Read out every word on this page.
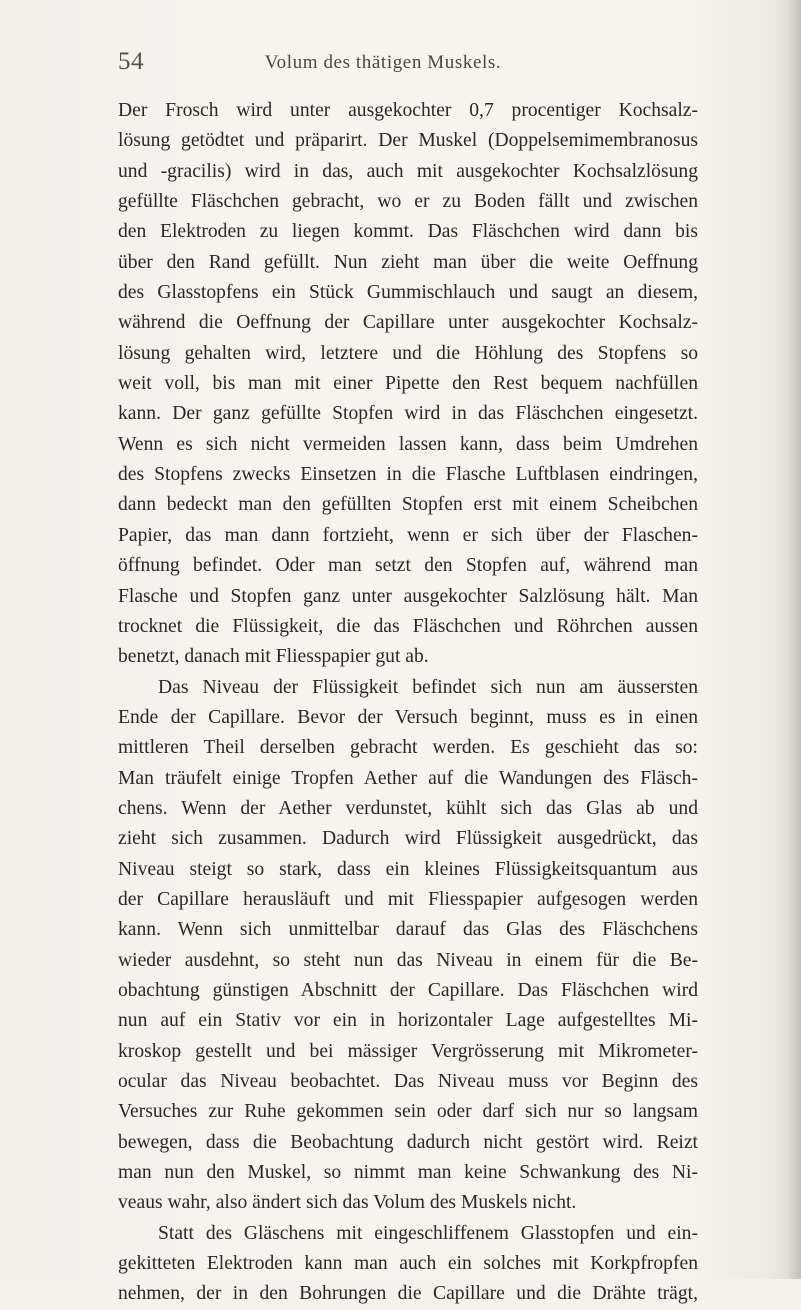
54	Volum des thätigen Muskels.
Der Frosch wird unter ausgekochter 0,7 procentiger Kochsalz-
lösung getödtet und präparirt. Der Muskel (Doppelsemimembranosus
und -gracilis) wird in das, auch mit ausgekochter Kochsalzlösung
gefüllte Fläschchen gebracht, wo er zu Boden fällt und zwischen
den Elektroden zu liegen kommt. Das Fläschchen wird dann bis
über den Rand gefüllt. Nun zieht man über die weite Oeffnung
des Glasstopfens ein Stück Gummischlauch und saugt an diesem,
während die Oeffnung der Capillare unter ausgekochter Kochsalz-
lösung gehalten wird, letztere und die Höhlung des Stopfens so
weit voll, bis man mit einer Pipette den Rest bequem nachfüllen
kann. Der ganz gefüllte Stopfen wird in das Fläschchen eingesetzt.
Wenn es sich nicht vermeiden lassen kann, dass beim Umdrehen
des Stopfens zwecks Einsetzen in die Flasche Luftblasen eindringen,
dann bedeckt man den gefüllten Stopfen erst mit einem Scheibchen
Papier, das man dann fortzieht, wenn er sich über der Flaschen-
öffnung befindet. Oder man setzt den Stopfen auf, während man
Flasche und Stopfen ganz unter ausgekochter Salzlösung hält. Man
trocknet die Flüssigkeit, die das Fläschchen und Röhrchen aussen
benetzt, danach mit Fliesspapier gut ab.
Das Niveau der Flüssigkeit befindet sich nun am äussersten
Ende der Capillare. Bevor der Versuch beginnt, muss es in einen
mittleren Theil derselben gebracht werden. Es geschieht das so:
Man träufelt einige Tropfen Aether auf die Wandungen des Fläsch-
chens. Wenn der Aether verdunstet, kühlt sich das Glas ab und
zieht sich zusammen. Dadurch wird Flüssigkeit ausgedrückt, das
Niveau steigt so stark, dass ein kleines Flüssigkeitsquantum aus
der Capillare herausläuft und mit Fliesspapier aufgesogen werden
kann. Wenn sich unmittelbar darauf das Glas des Fläschchens
wieder ausdehnt, so steht nun das Niveau in einem für die Be-
obachtung günstigen Abschnitt der Capillare. Das Fläschchen wird
nun auf ein Stativ vor ein in horizontaler Lage aufgestelltes Mi-
kroskop gestellt und bei mässiger Vergrösserung mit Mikrometer-
ocular das Niveau beobachtet. Das Niveau muss vor Beginn des
Versuches zur Ruhe gekommen sein oder darf sich nur so langsam
bewegen, dass die Beobachtung dadurch nicht gestört wird. Reizt
man nun den Muskel, so nimmt man keine Schwankung des Ni-
veaus wahr, also ändert sich das Volum des Muskels nicht.
Statt des Gläschens mit eingeschliffenem Glasstopfen und ein-
gekitteten Elektroden kann man auch ein solches mit Korkpfropfen
nehmen, der in den Bohrungen die Capillare und die Drähte trägt,
